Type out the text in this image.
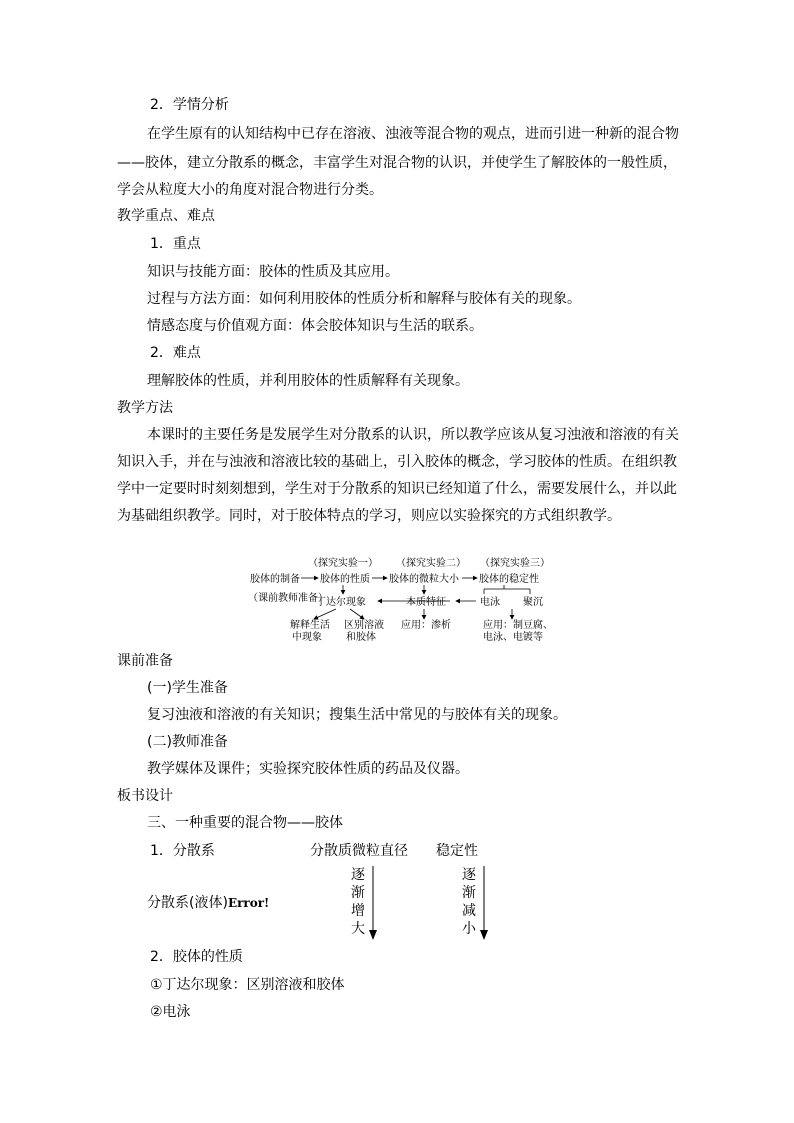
2．学情分析
在学生原有的认知结构中已存在溶液、浊液等混合物的观点，进而引进一种新的混合物
——胶体，建立分散系的概念，丰富学生对混合物的认识，并使学生了解胶体的一般性质，
学会从粒度大小的角度对混合物进行分类。
教学重点、难点
1．重点
知识与技能方面：胶体的性质及其应用。
过程与方法方面：如何利用胶体的性质分析和解释与胶体有关的现象。
情感态度与价值观方面：体会胶体知识与生活的联系。
2．难点
理解胶体的性质，并利用胶体的性质解释有关现象。
教学方法
本课时的主要任务是发展学生对分散系的认识，所以教学应该从复习浊液和溶液的有关
知识入手，并在与浊液和溶液比较的基础上，引入胶体的概念，学习胶体的性质。在组织教
学中一定要时时刻刻想到，学生对于分散系的知识已经知道了什么，需要发展什么，并以此
为基础组织教学。同时，对于胶体特点的学习，则应以实验探究的方式组织教学。
（探究实验一） （探究实验二） （探究实验三）
胶体的制备 胶体的性质 胶体的微粒大小 胶体的稳定性
（课前教师准备）
丁达尔现象	本质特征	电泳 聚沉
解释生活
中现象
区别溶液
和胶体
应用：渗析	应用：制豆腐、
电泳、电镀等
课前准备
(一)学生准备
复习浊液和溶液的有关知识；搜集生活中常见的与胶体有关的现象。
(二)教师准备
教学媒体及课件；实验探究胶体性质的药品及仪器。
板书设计
三、一种重要的混合物——胶体
1．分散系	分散质微粒直径 稳定性
分散系(液体)Error!
逐
渐
增
大
逐
渐
减
小
2．胶体的性质
①丁达尔现象：区别溶液和胶体
②电泳
